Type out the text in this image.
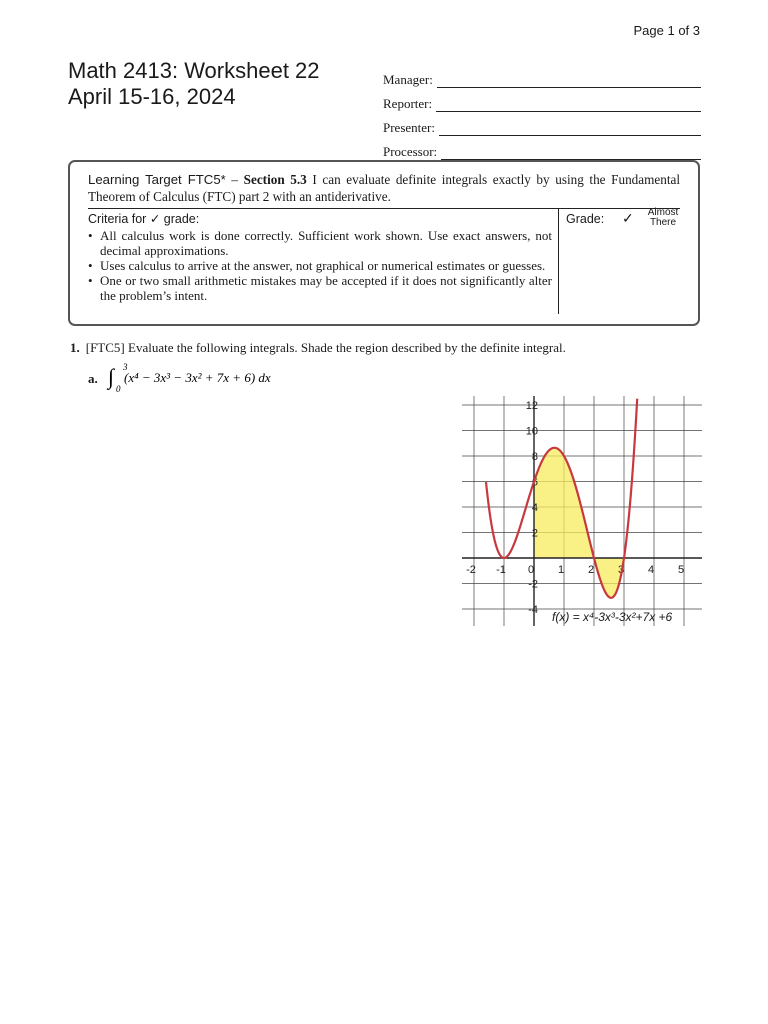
Page 1 of 3
Math 2413: Worksheet 22
April 15-16, 2024
Manager:
Reporter:
Presenter:
Processor:
Learning Target FTC5* – Section 5.3 I can evaluate definite integrals exactly by using the Fundamental Theorem of Calculus (FTC) part 2 with an antiderivative.
Criteria for ✓ grade:
• All calculus work is done correctly. Sufficient work shown. Use exact answers, not decimal approximations.
• Uses calculus to arrive at the answer, not graphical or numerical estimates or guesses.
• One or two small arithmetic mistakes may be accepted if it does not significantly alter the problem’s intent.
Grade: ✓	Almost
There
1. [FTC5] Evaluate the following integrals. Shade the region described by the definite integral.
a. ∫ 3
0
(x⁴ − 3x³ − 3x² + 7x + 6) dx
-2 -1 0 1 2 3 4 5
12
10
8
6
4
2
-2
-4 f(x) = x⁴-3x³-3x²+7x +6
